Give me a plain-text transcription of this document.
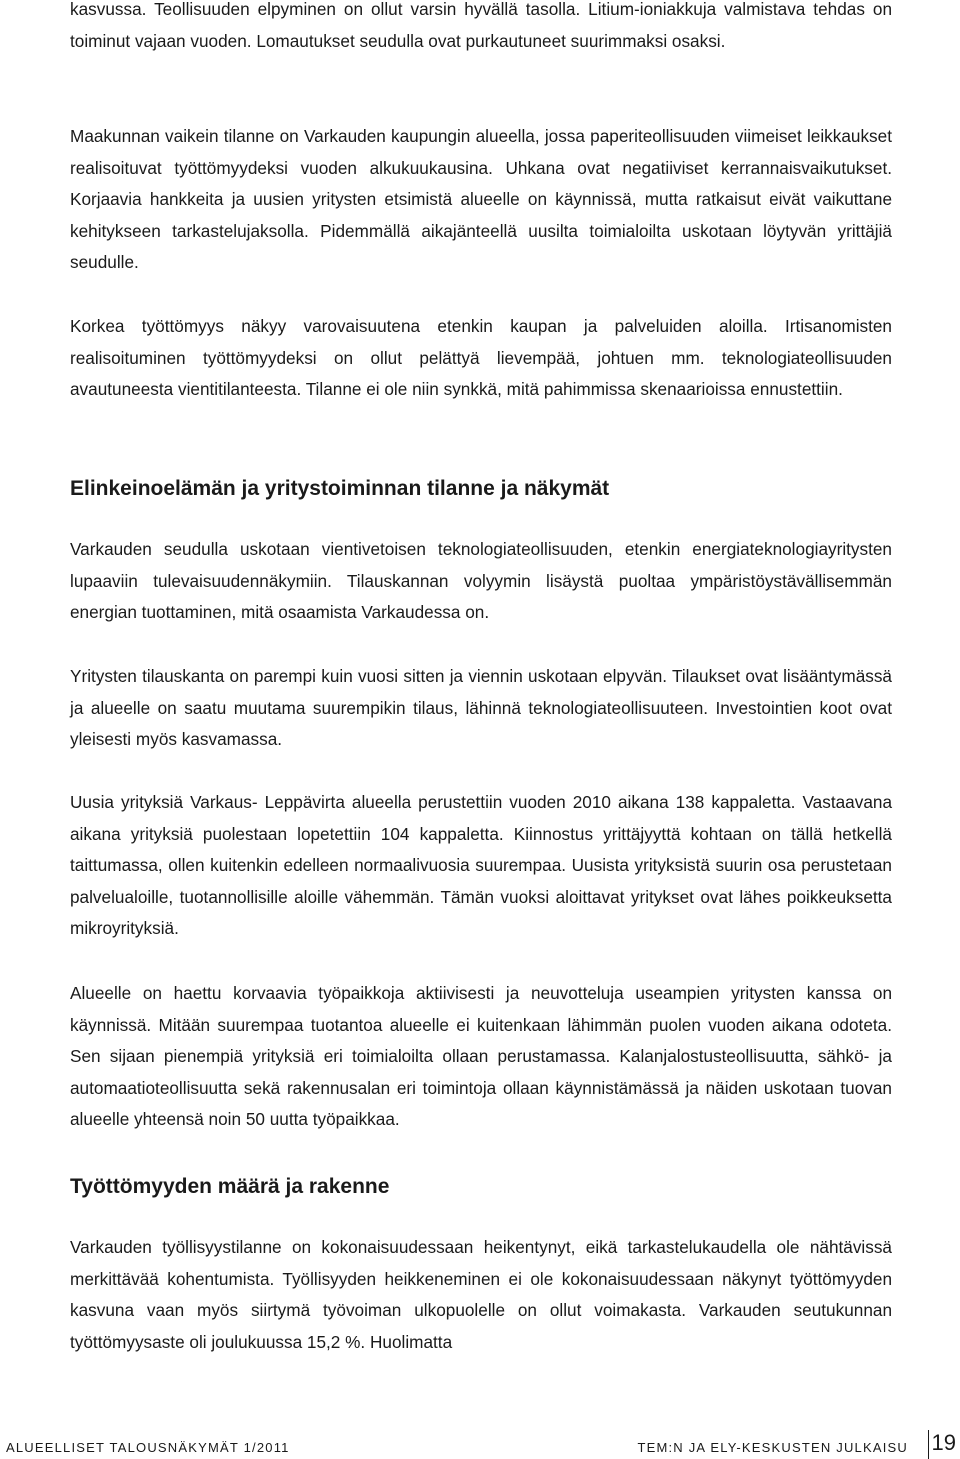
kasvussa. Teollisuuden elpyminen on ollut varsin hyvällä tasolla. Litium-ioniakkuja valmistava tehdas on toiminut vajaan vuoden. Lomautukset seudulla ovat purkautuneet suurimmaksi osaksi.

Maakunnan vaikein tilanne on Varkauden kaupungin alueella, jossa paperiteollisuuden viimeiset leikkaukset realisoituvat työttömyydeksi vuoden alkukuukausina. Uhkana ovat negatiiviset kerrannaisvaikutukset. Korjaavia hankkeita ja uusien yritysten etsimistä alueelle on käynnissä, mutta ratkaisut eivät vaikuttane kehitykseen tarkastelujaksolla. Pidemmällä aikajänteellä uusilta toimialoilta uskotaan löytyvän yrittäjiä seudulle.

Korkea työttömyys näkyy varovaisuutena etenkin kaupan ja palveluiden aloilla. Irtisanomisten realisoituminen työttömyydeksi on ollut pelättyä lievempää, johtuen mm. teknologiateollisuuden avautuneesta vientitilanteesta. Tilanne ei ole niin synkkä, mitä pahimmissa skenaarioissa ennustettiin.

Elinkeinoelämän ja yritystoiminnan tilanne ja näkymät

Varkauden seudulla uskotaan vientivetoisen teknologiateollisuuden, etenkin energiateknologiayritysten lupaaviin tulevaisuudennäkymiin. Tilauskannan volyymin lisäystä puoltaa ympäristöystävällisemmän energian tuottaminen, mitä osaamista Varkaudessa on.

Yritysten tilauskanta on parempi kuin vuosi sitten ja viennin uskotaan elpyvän. Tilaukset ovat lisääntymässä ja alueelle on saatu muutama suurempikin tilaus, lähinnä teknologiateollisuuteen. Investointien koot ovat yleisesti myös kasvamassa.

Uusia yrityksiä Varkaus- Leppävirta alueella perustettiin vuoden 2010 aikana 138 kappaletta. Vastaavana aikana yrityksiä puolestaan lopetettiin 104 kappaletta. Kiinnostus yrittäjyyttä kohtaan on tällä hetkellä taittumassa, ollen kuitenkin edelleen normaalivuosia suurempaa. Uusista yrityksistä suurin osa perustetaan palvelualoille, tuotannollisille aloille vähemmän. Tämän vuoksi aloittavat yritykset ovat lähes poikkeuksetta mikroyrityksiä.

Alueelle on haettu korvaavia työpaikkoja aktiivisesti ja neuvotteluja useampien yritysten kanssa on käynnissä. Mitään suurempaa tuotantoa alueelle ei kuitenkaan lähimmän puolen vuoden aikana odoteta. Sen sijaan pienempiä yrityksiä eri toimialoilta ollaan perustamassa. Kalanjalostusteollisuutta, sähkö- ja automaatioteollisuutta sekä rakennusalan eri toimintoja ollaan käynnistämässä ja näiden uskotaan tuovan alueelle yhteensä noin 50 uutta työpaikkaa.

Työttömyyden määrä ja rakenne

Varkauden työllisyystilanne on kokonaisuudessaan heikentynyt, eikä tarkastelukaudella ole nähtävissä merkittävää kohentumista. Työllisyyden heikkeneminen ei ole kokonaisuudessaan näkynyt työttömyyden kasvuna vaan myös siirtymä työvoiman ulkopuolelle on ollut voimakasta. Varkauden seutukunnan työttömyysaste oli joulukuussa 15,2 %. Huolimatta

ALUEELLISET TALOUSNÄKYMÄT 1/2011	TEM:N JA ELY-KESKUSTEN JULKAISU 19
